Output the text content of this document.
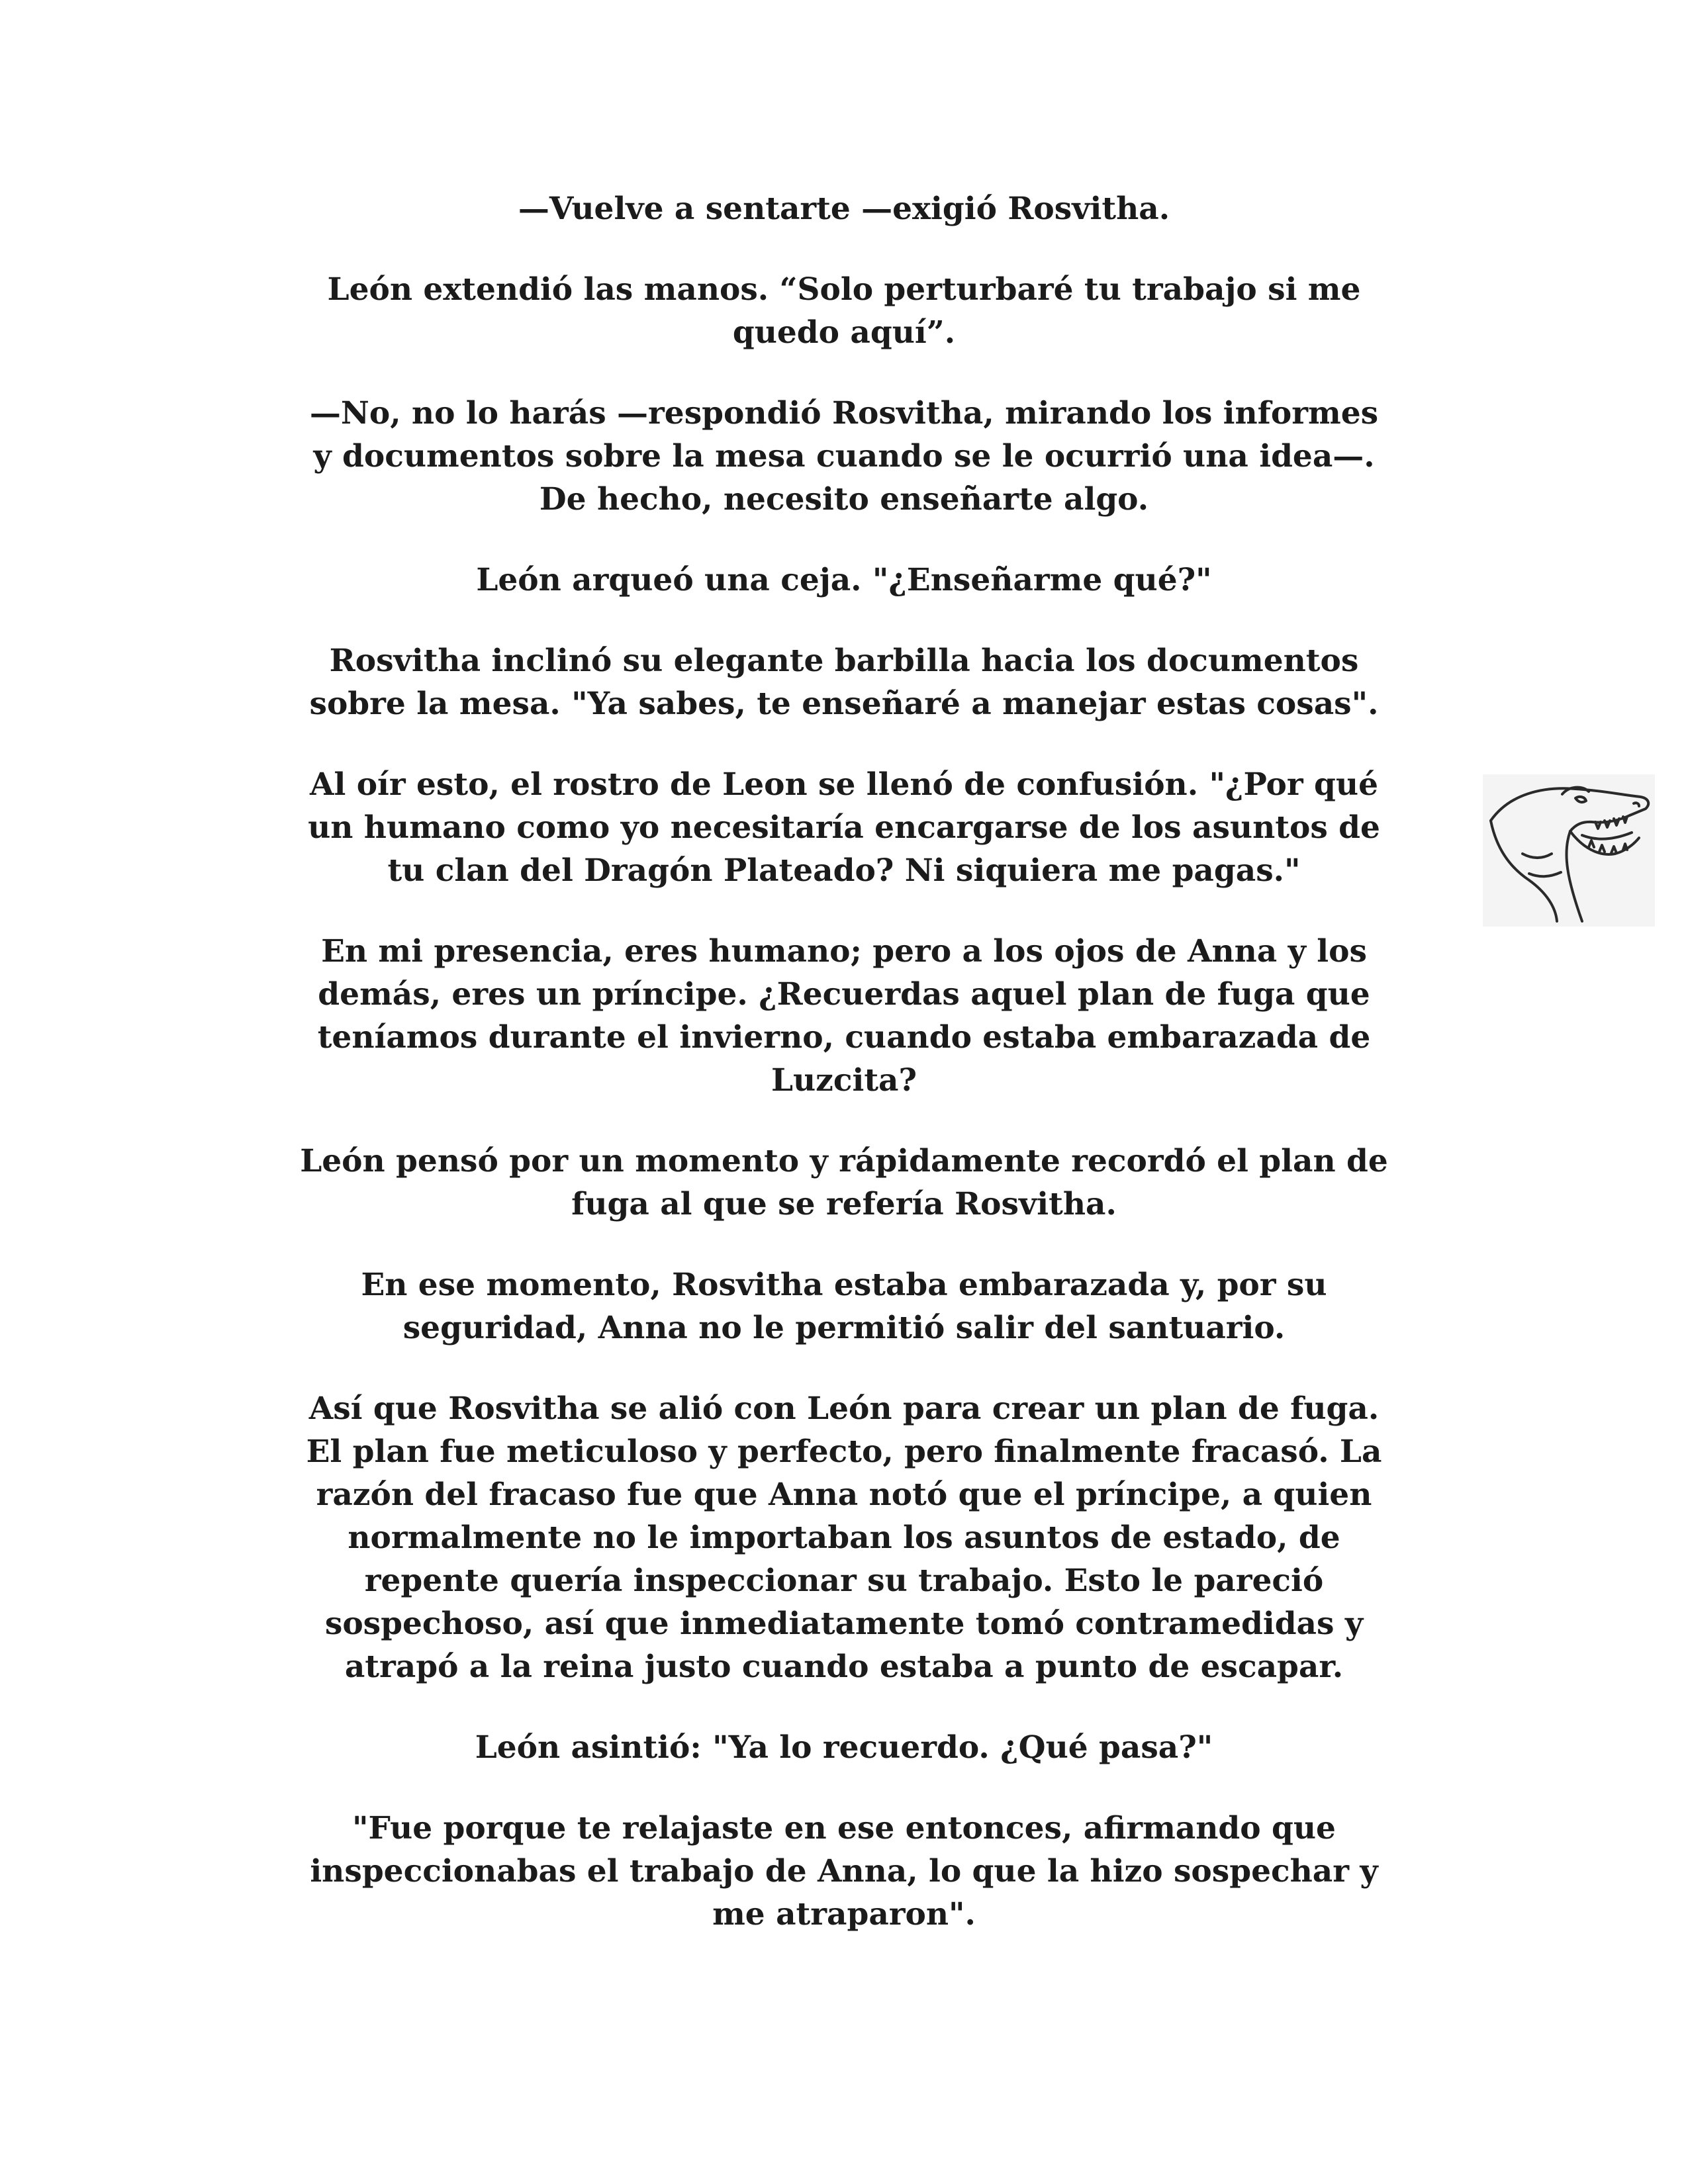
—Vuelve a sentarte —exigió Rosvitha.

León extendió las manos. “Solo perturbaré tu trabajo si me
quedo aquí”.

—No, no lo harás —respondió Rosvitha, mirando los informes
y documentos sobre la mesa cuando se le ocurrió una idea—.
De hecho, necesito enseñarte algo.

León arqueó una ceja. "¿Enseñarme qué?"

Rosvitha inclinó su elegante barbilla hacia los documentos
sobre la mesa. "Ya sabes, te enseñaré a manejar estas cosas".

Al oír esto, el rostro de Leon se llenó de confusión. "¿Por qué
un humano como yo necesitaría encargarse de los asuntos de
tu clan del Dragón Plateado? Ni siquiera me pagas."

En mi presencia, eres humano; pero a los ojos de Anna y los
demás, eres un príncipe. ¿Recuerdas aquel plan de fuga que
teníamos durante el invierno, cuando estaba embarazada de
Luzcita?

León pensó por un momento y rápidamente recordó el plan de
fuga al que se refería Rosvitha.

En ese momento, Rosvitha estaba embarazada y, por su
seguridad, Anna no le permitió salir del santuario.

Así que Rosvitha se alió con León para crear un plan de fuga.
El plan fue meticuloso y perfecto, pero finalmente fracasó. La
razón del fracaso fue que Anna notó que el príncipe, a quien
normalmente no le importaban los asuntos de estado, de
repente quería inspeccionar su trabajo. Esto le pareció
sospechoso, así que inmediatamente tomó contramedidas y
atrapó a la reina justo cuando estaba a punto de escapar.

León asintió: "Ya lo recuerdo. ¿Qué pasa?"

"Fue porque te relajaste en ese entonces, afirmando que
inspeccionabas el trabajo de Anna, lo que la hizo sospechar y
me atraparon".
